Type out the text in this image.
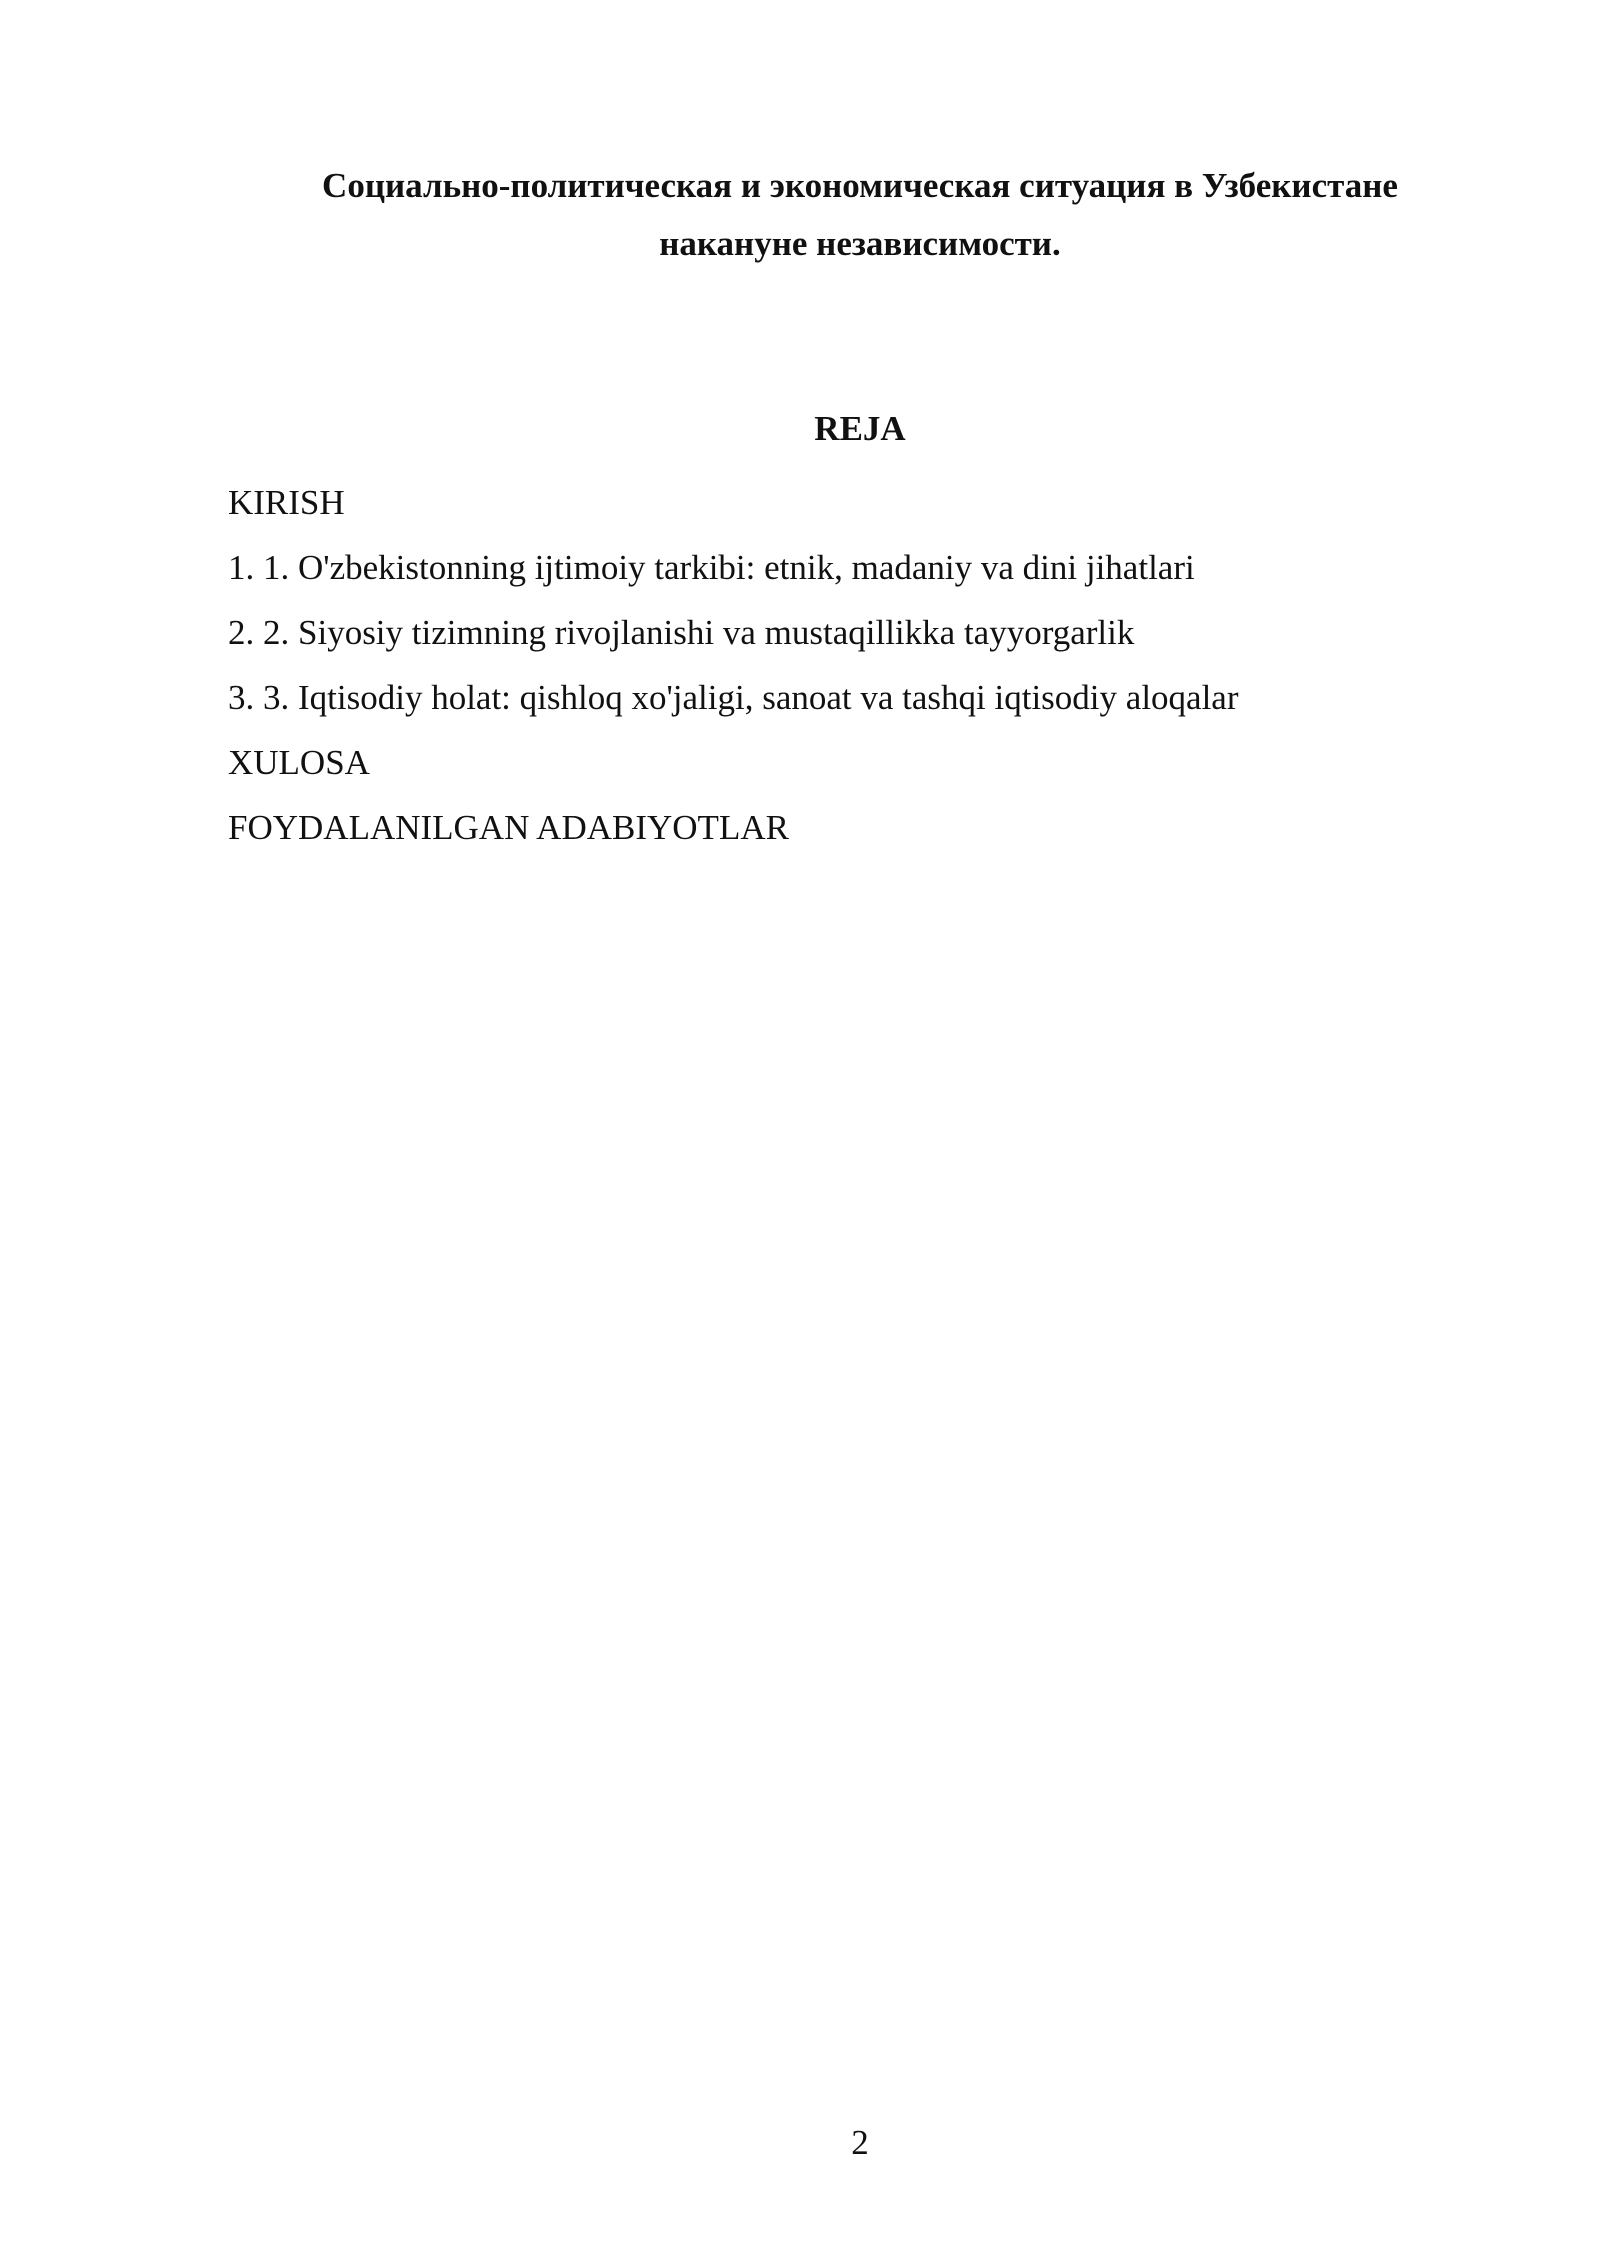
Социально-политическая и экономическая ситуация в Узбекистане
накануне независимости.
REJA
KIRISH
1. 1. O'zbekistonning ijtimoiy tarkibi: etnik, madaniy va dini jihatlari
2. 2. Siyosiy tizimning rivojlanishi va mustaqillikka tayyorgarlik
3. 3. Iqtisodiy holat: qishloq xo'jaligi, sanoat va tashqi iqtisodiy aloqalar
XULOSA
FOYDALANILGAN ADABIYOTLAR
2
